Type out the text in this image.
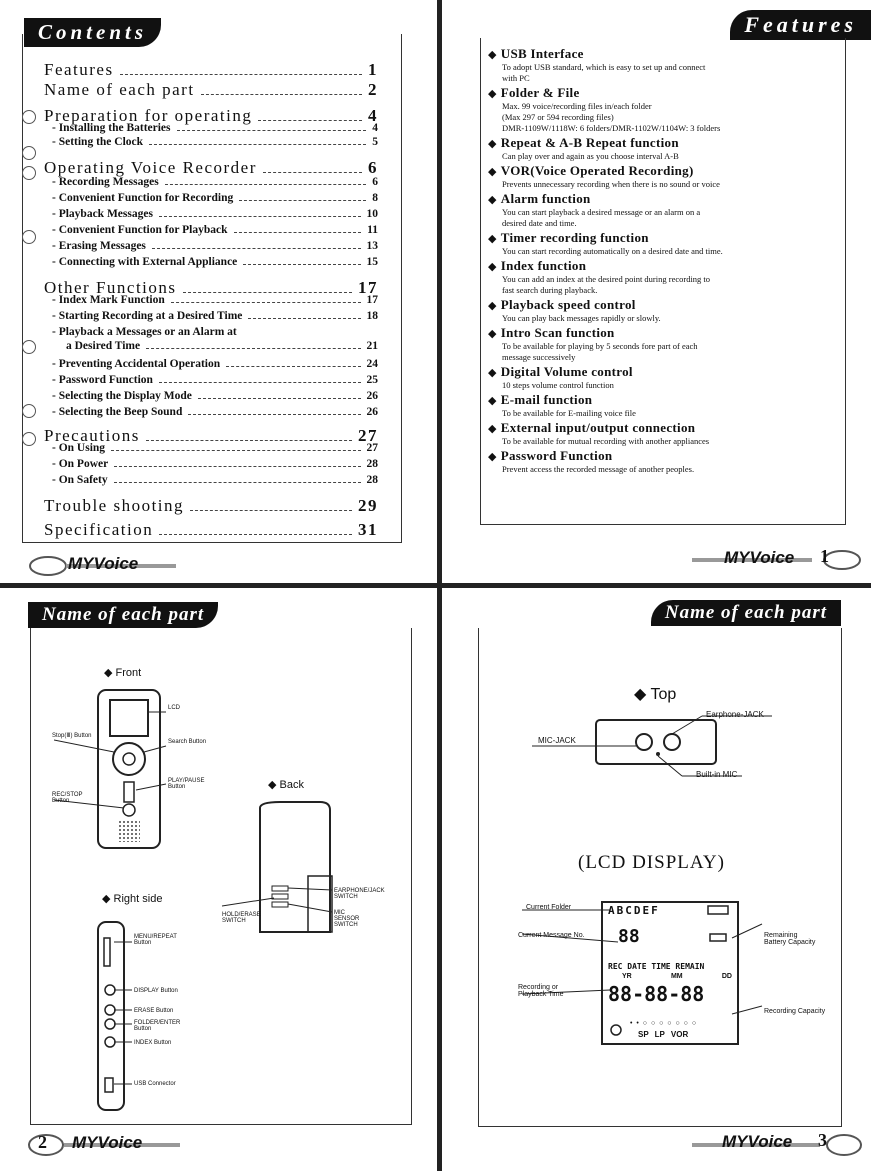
Contents
Features	1
Name of each part	2
Preparation for operating	4
- Installing the Batteries	4
- Setting the Clock	5
Operating Voice Recorder	6
- Recording Messages	6
- Convenient Function for Recording	8
- Playback Messages	10
- Convenient Function for Playback	11
- Erasing Messages	13
- Connecting with External Appliance	15
Other Functions	17
- Index Mark Function	17
- Starting Recording at a Desired Time	18
- Playback a Messages or an Alarm at
a Desired Time	21
- Preventing Accidental Operation	24
- Password Function	25
- Selecting the Display Mode	26
- Selecting the Beep Sound	26
Precautions	27
- On Using	27
- On Power	28
- On Safety	28
Trouble shooting	29
Specification	31
MYVoice
Features
◆ USB Interface
To adopt USB standard, which is easy to set up and connect
with PC
◆ Folder & File
Max. 99 voice/recording files in/each folder
(Max 297 or 594 recording files)
DMR-1109W/1118W: 6 folders/DMR-1102W/1104W: 3 folders
◆ Repeat & A-B Repeat function
Can play over and again as you choose interval A-B
◆ VOR(Voice Operated Recording)
Prevents unnecessary recording when there is no sound or voice
◆ Alarm function
You can start playback a desired message or an alarm on a
desired date and time.
◆ Timer recording function
You can start recording automatically on a desired date and time.
◆ Index function
You can add an index at the desired point during recording to
fast search during playback.
◆ Playback speed control
You can play back messages rapidly or slowly.
◆ Intro Scan function
To be available for playing by 5 seconds fore part of each
message successively
◆ Digital Volume control
10 steps volume control function
◆ E-mail function
To be available for E-mailing voice file
◆ External input/output connection
To be available for mutual recording with another appliances
◆ Password Function
Prevent access the recorded message of another peoples.
MYVoice 1
Name of each part
◆ Front
LCD
Stop(Ⅲ) Button
Search Button
PLAY/PAUSE Button
REC/STOP Button
◆ Back
EARPHONE/JACK SWITCH
MIC SENSOR SWITCH
HOLD/ERASE SWITCH
◆ Right side
MENU/REPEAT Button
DISPLAY Button
ERASE Button
FOLDER/ENTER Button
INDEX Button
USB Connector
2 MYVoice
Name of each part
◆ Top
Earphone-JACK
MIC-JACK
Built-in MIC
(LCD DISPLAY)
ABCDEF
88
REC DATE TIME REMAIN
YR	MM	DD
88-88-88
• • ○ ○ ○ ○ ○ ○ ○
SP LP VOR
Current Folder
Current Message No.
Recording or Playback Time
Remaining Battery Capacity
Recording Capacity
MYVoice 3
